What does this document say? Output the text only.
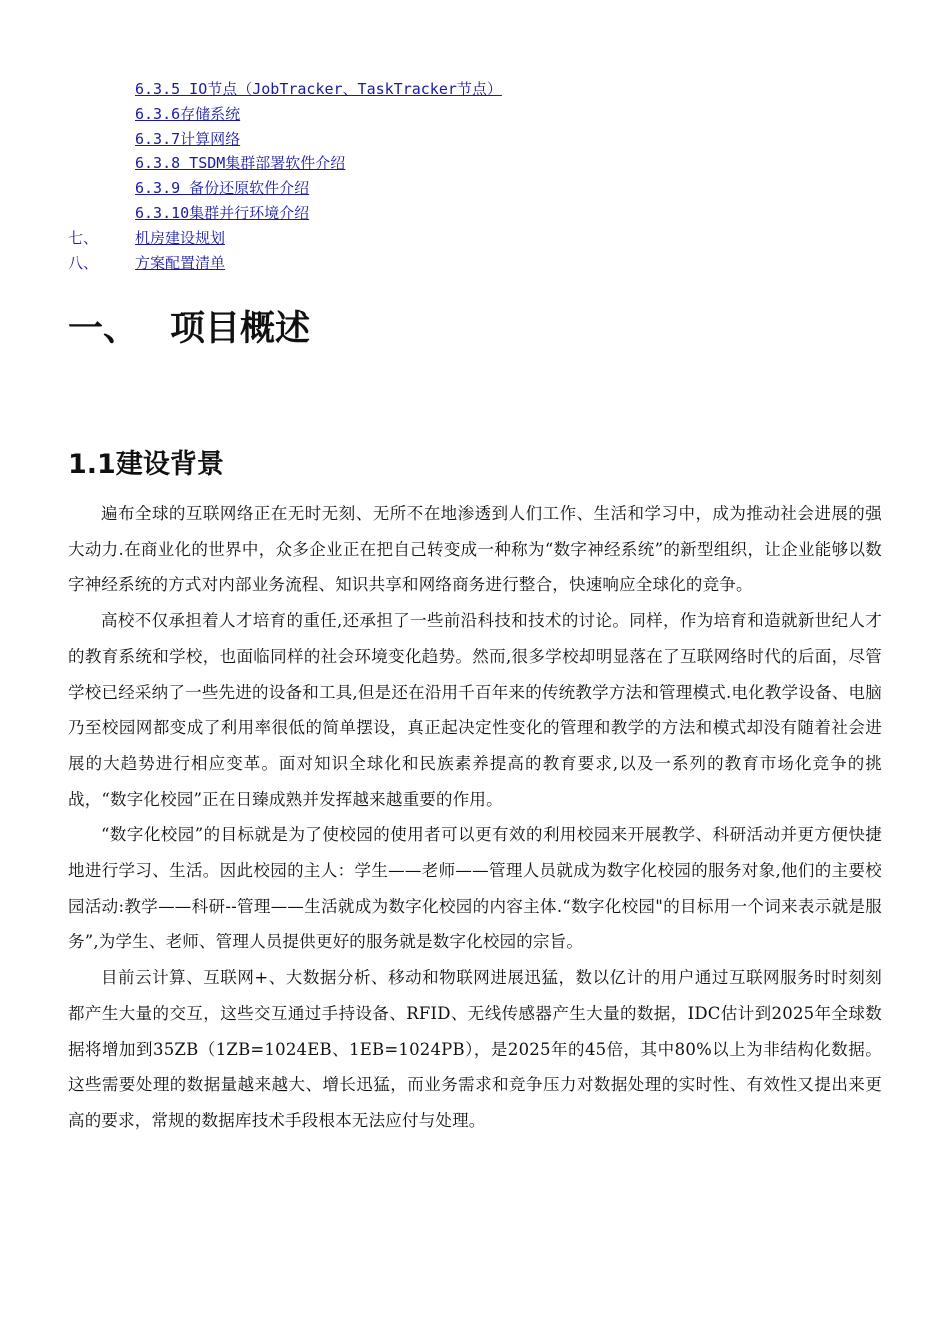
6.3.5 IO节点（JobTracker、TaskTracker节点）
6.3.6存储系统
6.3.7计算网络
6.3.8 TSDM集群部署软件介绍
6.3.9 备份还原软件介绍
6.3.10集群并行环境介绍
七、 机房建设规划
八、 方案配置清单
一、 项目概述
1.1建设背景

遍布全球的互联网络正在无时无刻、无所不在地渗透到人们工作、生活和学习中，成为推动社会进展的强大动力.在商业化的世界中，众多企业正在把自己转变成一种称为“数字神经系统”的新型组织，让企业能够以数字神经系统的方式对内部业务流程、知识共享和网络商务进行整合，快速响应全球化的竞争。

高校不仅承担着人才培育的重任,还承担了一些前沿科技和技术的讨论。同样，作为培育和造就新世纪人才的教育系统和学校，也面临同样的社会环境变化趋势。然而,很多学校却明显落在了互联网络时代的后面，尽管学校已经采纳了一些先进的设备和工具,但是还在沿用千百年来的传统教学方法和管理模式.电化教学设备、电脑乃至校园网都变成了利用率很低的简单摆设，真正起决定性变化的管理和教学的方法和模式却没有随着社会进展的大趋势进行相应变革。面对知识全球化和民族素养提高的教育要求,以及一系列的教育市场化竞争的挑战，“数字化校园”正在日臻成熟并发挥越来越重要的作用。

“数字化校园”的目标就是为了使校园的使用者可以更有效的利用校园来开展教学、科研活动并更方便快捷地进行学习、生活。因此校园的主人：学生——老师——管理人员就成为数字化校园的服务对象,他们的主要校园活动:教学——科研--管理——生活就成为数字化校园的内容主体.“数字化校园"的目标用一个词来表示就是服务”,为学生、老师、管理人员提供更好的服务就是数字化校园的宗旨。

目前云计算、互联网+、大数据分析、移动和物联网进展迅猛，数以亿计的用户通过互联网服务时时刻刻都产生大量的交互，这些交互通过手持设备、RFID、无线传感器产生大量的数据，IDC估计到2025年全球数据将增加到35ZB（1ZB=1024EB、1EB=1024PB），是2025年的45倍，其中80%以上为非结构化数据。这些需要处理的数据量越来越大、增长迅猛，而业务需求和竞争压力对数据处理的实时性、有效性又提出来更高的要求，常规的数据库技术手段根本无法应付与处理。
